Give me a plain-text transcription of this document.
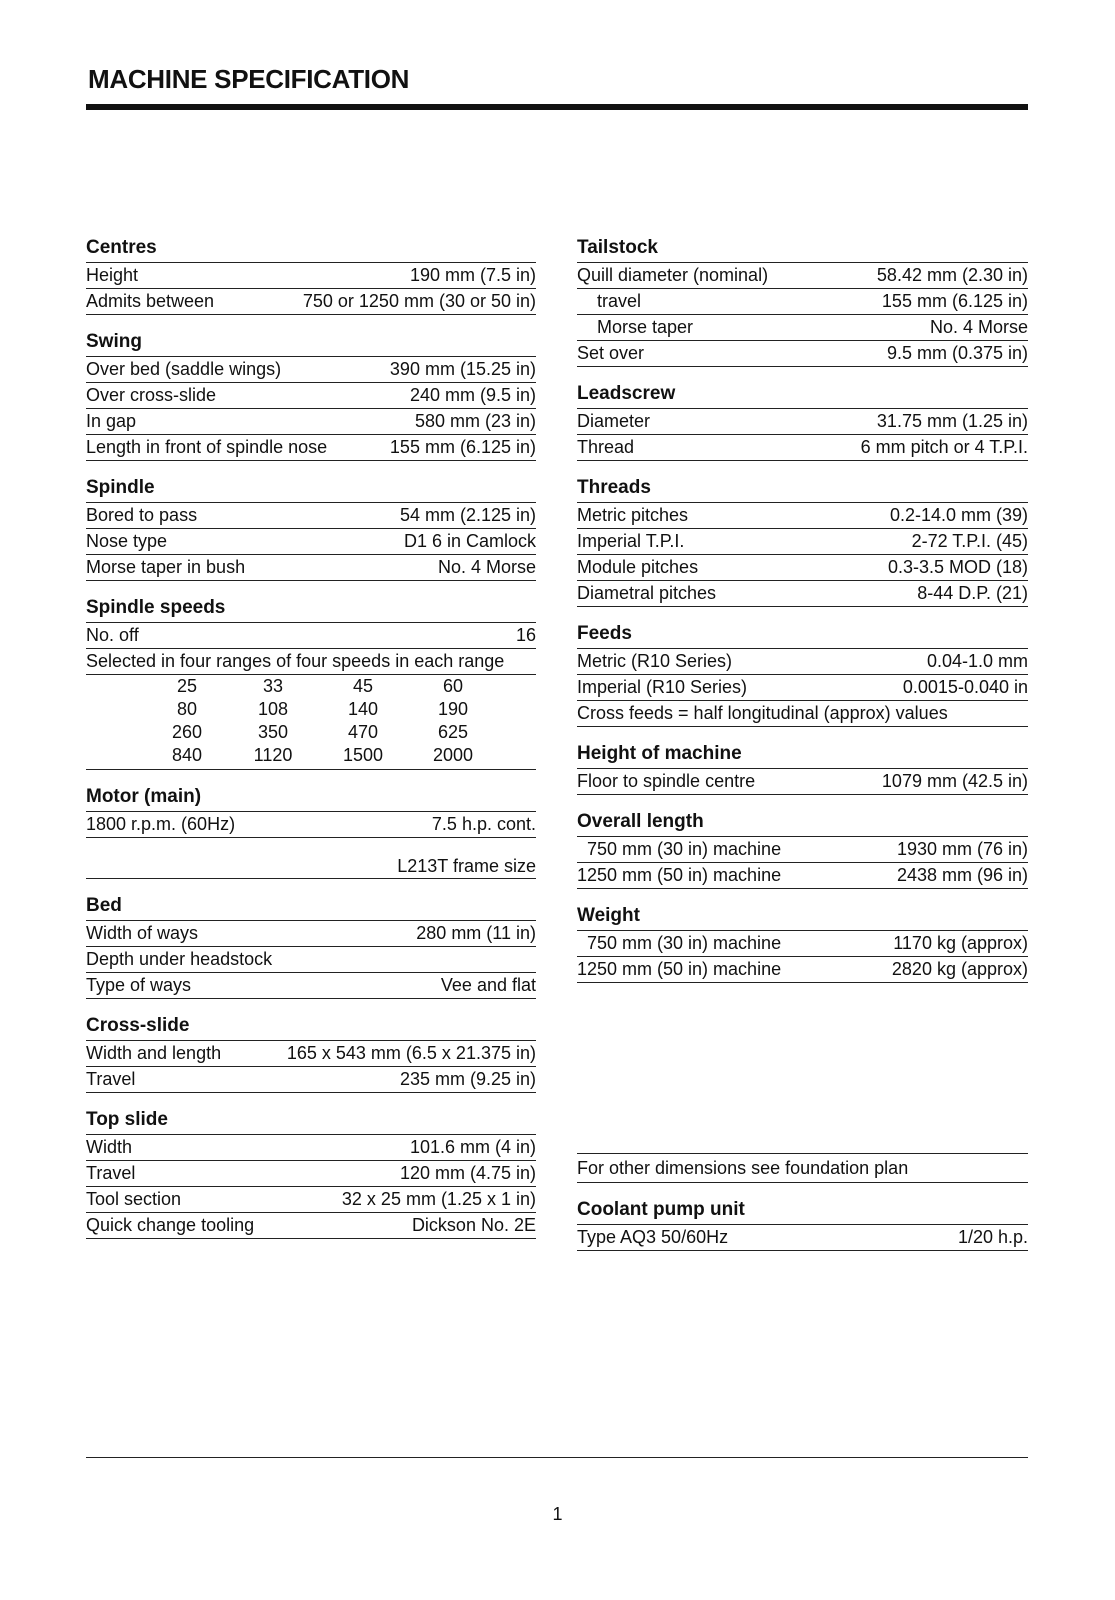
MACHINE SPECIFICATION
Centres
Height	190 mm (7.5 in)
Admits between	750 or 1250 mm (30 or 50 in)
Swing
Over bed (saddle wings)	390 mm (15.25 in)
Over cross-slide	240 mm (9.5 in)
In gap	580 mm (23 in)
Length in front of spindle nose	155 mm (6.125 in)
Spindle
Bored to pass	54 mm (2.125 in)
Nose type	D1 6 in Camlock
Morse taper in bush	No. 4 Morse
Spindle speeds
No. off	16
Selected in four ranges of four speeds in each range
25	33	45	60
80	108	140	190
260	350	470	625
840	1120	1500	2000
Motor (main)
1800 r.p.m. (60Hz)	7.5 h.p. cont.
L213T frame size
Bed
Width of ways	280 mm (11 in)
Depth under headstock
Type of ways	Vee and flat
Cross-slide
Width and length	165 x 543 mm (6.5 x 21.375 in)
Travel	235 mm (9.25 in)
Top slide
Width	101.6 mm (4 in)
Travel	120 mm (4.75 in)
Tool section	32 x 25 mm (1.25 x 1 in)
Quick change tooling	Dickson No. 2E
Tailstock
Quill diameter (nominal)	58.42 mm (2.30 in)
travel	155 mm (6.125 in)
Morse taper	No. 4 Morse
Set over	9.5 mm (0.375 in)
Leadscrew
Diameter	31.75 mm (1.25 in)
Thread	6 mm pitch or 4 T.P.I.
Threads
Metric pitches	0.2-14.0 mm (39)
Imperial T.P.I.	2-72 T.P.I. (45)
Module pitches	0.3-3.5 MOD (18)
Diametral pitches	8-44 D.P. (21)
Feeds
Metric (R10 Series)	0.04-1.0 mm
Imperial (R10 Series)	0.0015-0.040 in
Cross feeds = half longitudinal (approx) values
Height of machine
Floor to spindle centre	1079 mm (42.5 in)
Overall length
750 mm (30 in) machine	1930 mm (76 in)
1250 mm (50 in) machine	2438 mm (96 in)
Weight
750 mm (30 in) machine	1170 kg (approx)
1250 mm (50 in) machine	2820 kg (approx)
For other dimensions see foundation plan
Coolant pump unit
Type AQ3 50/60Hz	1/20 h.p.
1
